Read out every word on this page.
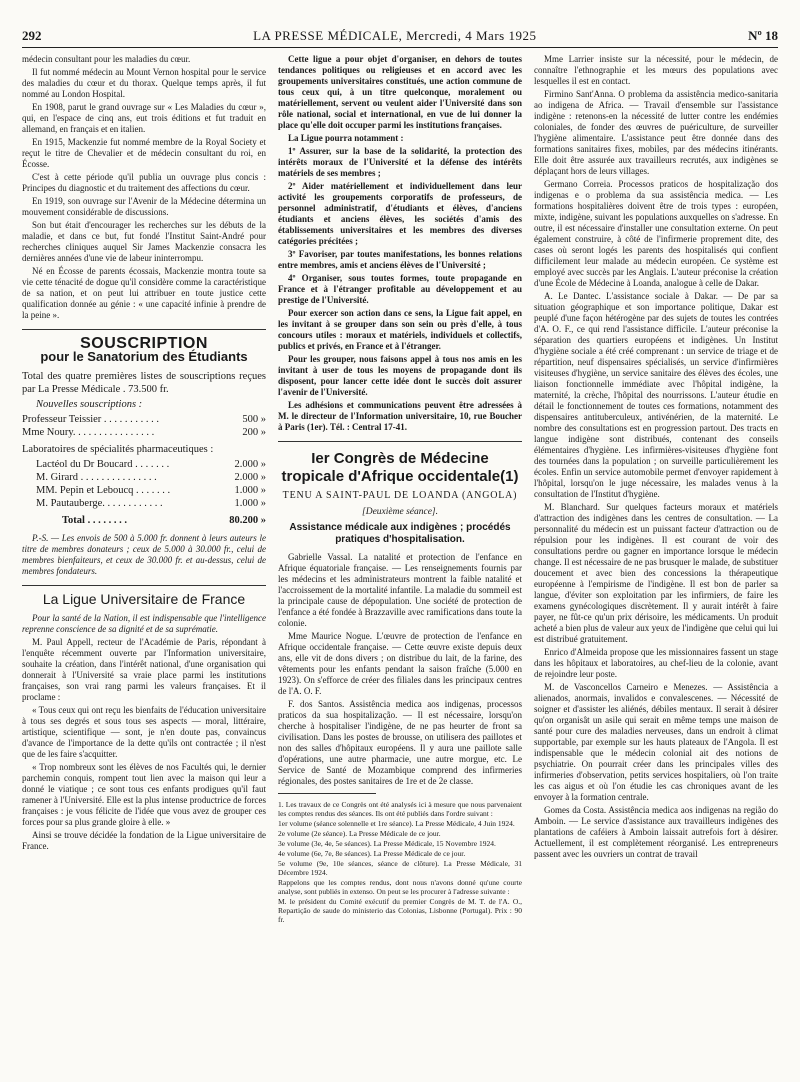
292	LA PRESSE MÉDICALE, Mercredi, 4 Mars 1925	Nº 18

médecin consultant pour les maladies du cœur.

Il fut nommé médecin au Mount Vernon hospital pour le service des maladies du cœur et du thorax. Quelque temps après, il fut nommé au London Hospital.

En 1908, parut le grand ouvrage sur « Les Maladies du cœur », qui, en l'espace de cinq ans, eut trois éditions et fut traduit en allemand, en français et en italien.

En 1915, Mackenzie fut nommé membre de la Royal Society et reçut le titre de Chevalier et de médecin consultant du roi, en Écosse.

C'est à cette période qu'il publia un ouvrage plus concis : Principes du diagnostic et du traitement des affections du cœur.

En 1919, son ouvrage sur l'Avenir de la Médecine détermina un mouvement considérable de discussions.

Son but était d'encourager les recherches sur les débuts de la maladie, et dans ce but, fut fondé l'Institut Saint-André pour recherches cliniques auquel Sir James Mackenzie consacra les dernières années d'une vie de labeur ininterrompu.

Né en Écosse de parents écossais, Mackenzie montra toute sa vie cette ténacité de dogue qu'il considère comme la caractéristique de sa nation, et on peut lui attribuer en toute justice cette qualification donnée au génie : « une capacité infinie à prendre de la peine ».

SOUSCRIPTION
pour le Sanatorium des Étudiants

Total des quatre premières listes de souscriptions reçues par La Presse Médicale . 73.500 fr.

Nouvelles souscriptions :

Professeur Teissier . . . . . . . . . . .	500 »
Mme Noury. . . . . . . . . . . . . . . .	200 »

Laboratoires de spécialités pharmaceutiques :

Lactéol du Dr Boucard . . . . . . .	2.000 »
M. Girard . . . . . . . . . . . . . . .	2.000 »
MM. Pepin et Leboucq . . . . . . .	1.000 »
M. Pautauberge. . . . . . . . . . . .	1.000 »
Total . . . . . . . .	80.200 »

P.-S. — Les envois de 500 à 5.000 fr. donnent à leurs auteurs le titre de membres donateurs ; ceux de 5.000 à 30.000 fr., celui de membres bienfaiteurs, et ceux de 30.000 fr. et au-dessus, celui de membres fondateurs.

La Ligue Universitaire de France

Pour la santé de la Nation, il est indispensable que l'intelligence reprenne conscience de sa dignité et de sa suprématie.

M. Paul Appell, recteur de l'Académie de Paris, répondant à l'enquête récemment ouverte par l'Information universitaire, souhaite la création, dans l'intérêt national, d'une organisation qui donnerait à l'Université sa vraie place parmi les institutions françaises, son vrai rang parmi les valeurs françaises. Et il proclame :

« Tous ceux qui ont reçu les bienfaits de l'éducation universitaire à tous ses degrés et sous tous ses aspects — moral, littéraire, artistique, scientifique — sont, je n'en doute pas, convaincus d'avance de l'importance de la dette qu'ils ont contractée ; il n'est que de les faire s'acquitter.

« Trop nombreux sont les élèves de nos Facultés qui, le dernier parchemin conquis, rompent tout lien avec la maison qui leur a donné le viatique ; ce sont tous ces enfants prodigues qu'il faut ramener à l'Université. Elle est la plus intense productrice de forces françaises : je vous félicite de l'idée que vous avez de grouper ces forces pour sa plus grande gloire à elle. »

Ainsi se trouve décidée la fondation de la Ligue universitaire de France.

Cette ligue a pour objet d'organiser, en dehors de toutes tendances politiques ou religieuses et en accord avec les groupements universitaires constitués, une action commune de tous ceux qui, à un titre quelconque, moralement ou matériellement, servent ou veulent aider l'Université dans son rôle national, social et international, en vue de lui donner la place qu'elle doit occuper parmi les institutions françaises.

La Ligue pourra notamment :

1º Assurer, sur la base de la solidarité, la protection des intérêts moraux de l'Université et la défense des intérêts matériels de ses membres ;

2º Aider matériellement et individuellement dans leur activité les groupements corporatifs de professeurs, de personnel administratif, d'étudiants et élèves, d'anciens étudiants et anciens élèves, les sociétés d'amis des établissements universitaires et les membres des diverses catégories précitées ;

3º Favoriser, par toutes manifestations, les bonnes relations entre membres, amis et anciens élèves de l'Université ;

4º Organiser, sous toutes formes, toute propagande en France et à l'étranger profitable au développement et au prestige de l'Université.

Pour exercer son action dans ce sens, la Ligue fait appel, en les invitant à se grouper dans son sein ou près d'elle, à tous concours utiles : moraux et matériels, individuels et collectifs, publics et privés, en France et à l'étranger.

Pour les grouper, nous faisons appel à tous nos amis en les invitant à user de tous les moyens de propagande dont ils disposent, pour lancer cette idée dont le succès doit assurer l'avenir de l'Université.

Les adhésions et communications peuvent être adressées à M. le directeur de l'Information universitaire, 10, rue Boucher à Paris (1er). Tél. : Central 17-41.

Ier Congrès de Médecine tropicale d'Afrique occidentale(1)
TENU A SAINT-PAUL DE LOANDA (ANGOLA)
[Deuxième séance].
Assistance médicale aux indigènes ; procédés pratiques d'hospitalisation.

Gabrielle Vassal. La natalité et protection de l'enfance en Afrique équatoriale française. — Les renseignements fournis par les médecins et les administrateurs montrent la faible natalité et l'accroissement de la mortalité infantile. La maladie du sommeil est la principale cause de dépopulation. Une société de protection de l'enfance a été fondée à Brazzaville avec ramifications dans toute la colonie.

Mme Maurice Nogue. L'œuvre de protection de l'enfance en Afrique occidentale française. — Cette œuvre existe depuis deux ans, elle vit de dons divers ; on distribue du lait, de la farine, des vêtements pour les enfants pendant la saison fraîche (5.000 en 1923). On s'efforce de créer des filiales dans les principaux centres de l'A. O. F.

F. dos Santos. Assistência medica aos indigenas, processos praticos da sua hospitalização. — Il est nécessaire, lorsqu'on cherche à hospitaliser l'indigène, de ne pas heurter de front sa civilisation. Dans les postes de brousse, on utilisera des paillotes et non des salles d'hôpitaux européens. Il y aura une paillote salle d'opérations, une autre pharmacie, une autre morgue, etc. Le Service de Santé de Mozambique comprend des infirmeries régionales, des postes sanitaires de 1re et de 2e classe.

1. Les travaux de ce Congrès ont été analysés ici à mesure que nous parvenaient les comptes rendus des séances. Ils ont été publiés dans l'ordre suivant :

1er volume (séance solennelle et 1re séance). La Presse Médicale, 4 Juin 1924.

2e volume (2e séance). La Presse Médicale de ce jour.

3e volume (3e, 4e, 5e séances). La Presse Médicale, 15 Novembre 1924.

4e volume (6e, 7e, 8e séances). La Presse Médicale de ce jour.

5e volume (9e, 10e séances, séance de clôture). La Presse Médicale, 31 Décembre 1924.

Rappelons que les comptes rendus, dont nous n'avons donné qu'une courte analyse, sont publiés in extenso. On peut se les procurer à l'adresse suivante :

M. le président du Comité exécutif du premier Congrès de M. T. de l'A. O., Repartição de saude do ministerio das Colonias, Lisbonne (Portugal). Prix : 90 fr.

Mme Larrier insiste sur la nécessité, pour le médecin, de connaître l'ethnographie et les mœurs des populations avec lesquelles il est en contact.

Firmino Sant'Anna. O problema da assistência medico-sanitaria ao indigena de Africa. — Travail d'ensemble sur l'assistance indigène : retenons-en la nécessité de lutter contre les endémies coloniales, de fonder des œuvres de puériculture, de surveiller l'hygiène alimentaire. L'assistance peut être donnée dans des formations sanitaires fixes, mobiles, par des médecins itinérants. Elle doit être assurée aux travailleurs recrutés, aux indigènes se déplaçant hors de leurs villages.

Germano Correia. Processos praticos de hospitalização dos indigenas e o problema da sua assistência medica. — Les formations hospitalières doivent être de trois types : européen, mixte, indigène, suivant les populations auxquelles on s'adresse. En outre, il est nécessaire d'installer une consultation externe. On peut également construire, à côté de l'infirmerie proprement dite, des cases où seront logés les parents des hospitalisés qui confient difficilement leur malade au médecin européen. Ce système est employé avec succès par les Anglais. L'auteur préconise la création d'une École de Médecine à Loanda, analogue à celle de Dakar.

A. Le Dantec. L'assistance sociale à Dakar. — De par sa situation géographique et son importance politique, Dakar est peuplé d'une façon hétérogène par des sujets de toutes les contrées d'A. O. F., ce qui rend l'assistance difficile. L'auteur préconise la séparation des quartiers européens et indigènes. Un Institut d'hygiène sociale a été créé comprenant : un service de triage et de répartition, neuf dispensaires spécialisés, un service d'infirmières visiteuses d'hygiène, un service sanitaire des élèves des écoles, une liaison fonctionnelle immédiate avec l'hôpital indigène, la maternité, la crèche, l'hôpital des nourrissons. L'auteur étudie en détail le fonctionnement de toutes ces formations, notamment des dispensaires antituberculeux, antivénérien, de la maternité. Le nombre des consultations est en progression partout. Des tracts en langue indigène sont distribués, contenant des conseils élémentaires d'hygiène. Les infirmières-visiteuses d'hygiène font des tournées dans la population ; on surveille particulièrement les écoles. Enfin un service automobile permet d'envoyer rapidement à l'hôpital, lorsqu'on le juge nécessaire, les malades venus à la consultation de l'Institut d'hygiène.

M. Blanchard. Sur quelques facteurs moraux et matériels d'attraction des indigènes dans les centres de consultation. — La personnalité du médecin est un puissant facteur d'attraction ou de répulsion pour les indigènes. Il est courant de voir des consultations perdre ou gagner en importance lorsque le médecin change. Il est nécessaire de ne pas brusquer le malade, de substituer doucement et avec bien des concessions la thérapeutique européenne à l'empirisme de l'indigène. Il est bon de parler sa langue, d'éviter son exploitation par les infirmiers, de faire les examens gynécologiques discrètement. Il y aurait intérêt à faire payer, ne fût-ce qu'un prix dérisoire, les médicaments. Un produit acheté a bien plus de valeur aux yeux de l'indigène que celui qui lui est distribué gratuitement.

Enrico d'Almeida propose que les missionnaires fassent un stage dans les hôpitaux et laboratoires, au chef-lieu de la colonie, avant de rejoindre leur poste.

M. de Vasconcellos Carneiro e Menezes. — Assistência a alienados, anormais, invalidos e convalescenes. — Nécessité de soigner et d'assister les aliénés, débiles mentaux. Il serait à désirer qu'on organisât un asile qui serait en même temps une maison de santé pour cure des maladies nerveuses, dans un endroit à climat supportable, par exemple sur les hauts plateaux de l'Angola. Il est indispensable que le médecin colonial ait des notions de psychiatrie. On pourrait créer dans les principales villes des infirmeries d'observation, petits services hospitaliers, où l'on traite les cas aigus et où l'on étudie les cas chroniques avant de les envoyer à la formation centrale.

Gomes da Costa. Assistência medica aos indigenas na região do Amboin. — Le service d'assistance aux travailleurs indigènes des plantations de caféiers à Amboin laissait autrefois fort à désirer. Actuellement, il est complètement réorganisé. Les entrepreneurs passent avec les ouvriers un contrat de travail
